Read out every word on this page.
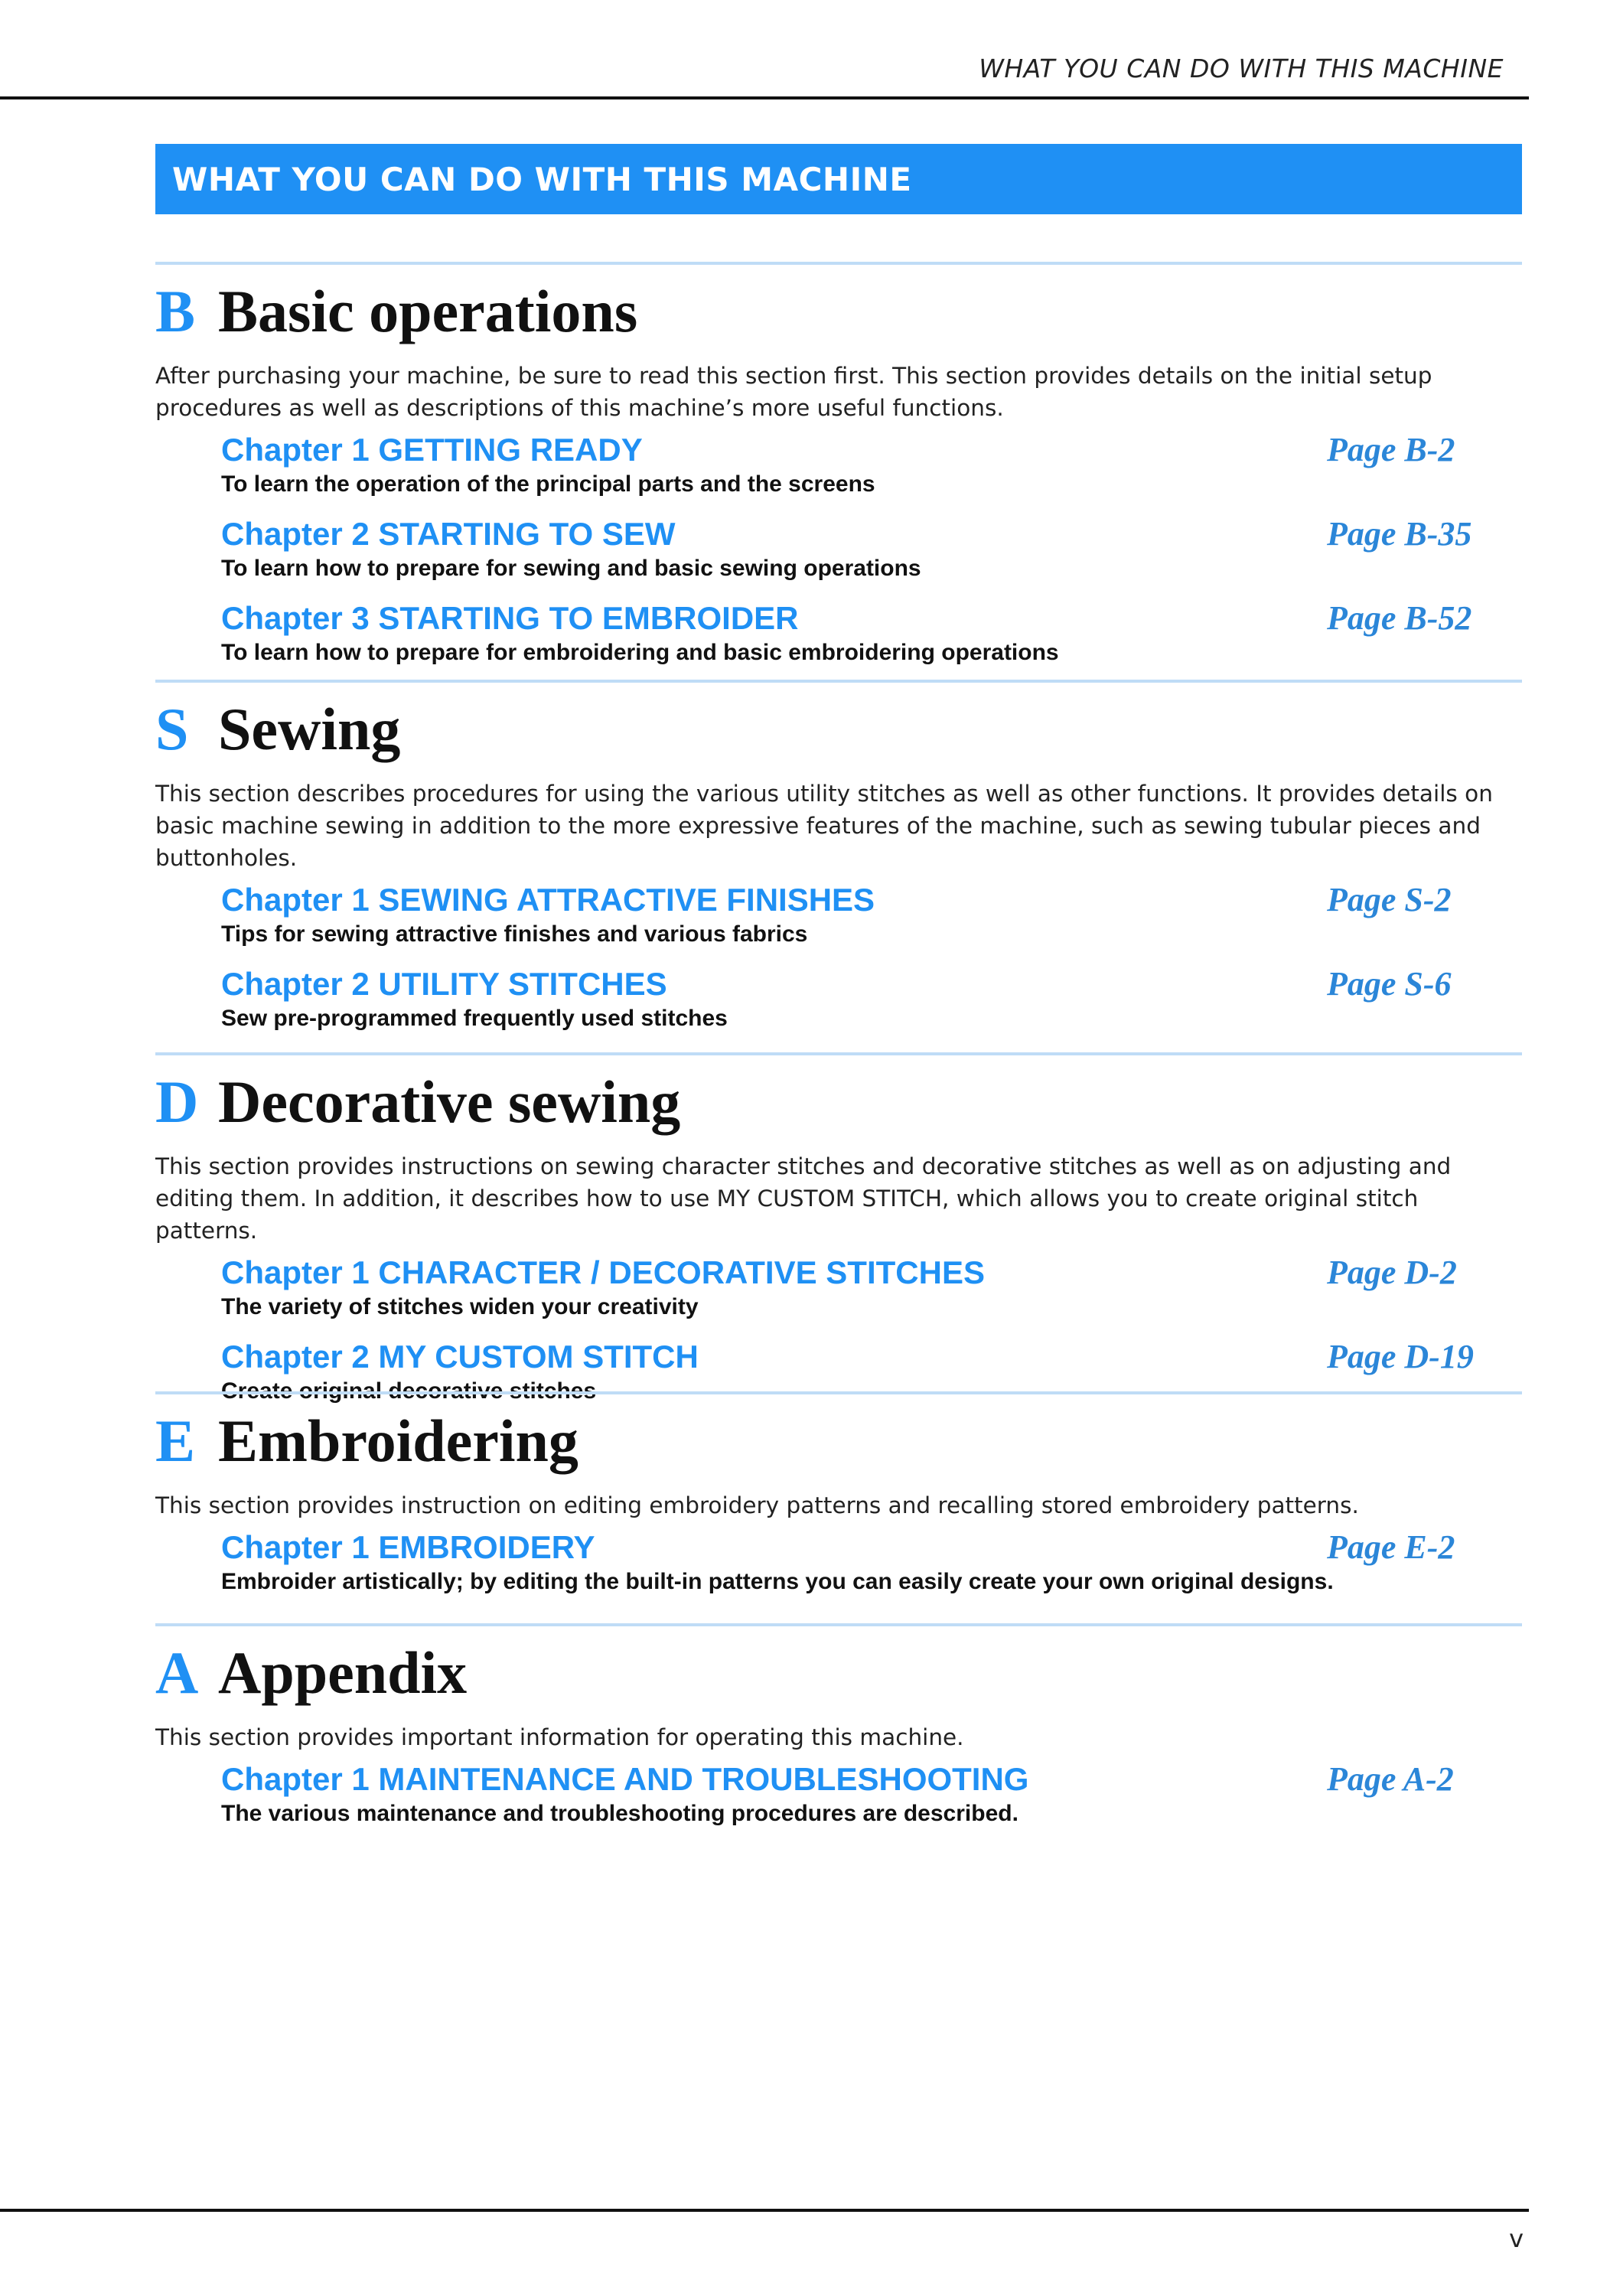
WHAT YOU CAN DO WITH THIS MACHINE
WHAT YOU CAN DO WITH THIS MACHINE
B Basic operations
After purchasing your machine, be sure to read this section first. This section provides details on the initial setup procedures as well as descriptions of this machine’s more useful functions.
Chapter 1 GETTING READY	Page B-2
To learn the operation of the principal parts and the screens
Chapter 2 STARTING TO SEW	Page B-35
To learn how to prepare for sewing and basic sewing operations
Chapter 3 STARTING TO EMBROIDER	Page B-52
To learn how to prepare for embroidering and basic embroidering operations
S Sewing
This section describes procedures for using the various utility stitches as well as other functions. It provides details on basic machine sewing in addition to the more expressive features of the machine, such as sewing tubular pieces and buttonholes.
Chapter 1 SEWING ATTRACTIVE FINISHES	Page S-2
Tips for sewing attractive finishes and various fabrics
Chapter 2 UTILITY STITCHES	Page S-6
Sew pre-programmed frequently used stitches
D Decorative sewing
This section provides instructions on sewing character stitches and decorative stitches as well as on adjusting and editing them. In addition, it describes how to use MY CUSTOM STITCH, which allows you to create original stitch patterns.
Chapter 1 CHARACTER / DECORATIVE STITCHES	Page D-2
The variety of stitches widen your creativity
Chapter 2 MY CUSTOM STITCH	Page D-19
E Embroidering
This section provides instruction on editing embroidery patterns and recalling stored embroidery patterns.
Chapter 1 EMBROIDERY	Page E-2
Embroider artistically; by editing the built-in patterns you can easily create your own original designs.
A Appendix
This section provides important information for operating this machine.
Chapter 1 MAINTENANCE AND TROUBLESHOOTING	Page A-2
The various maintenance and troubleshooting procedures are described.
v
